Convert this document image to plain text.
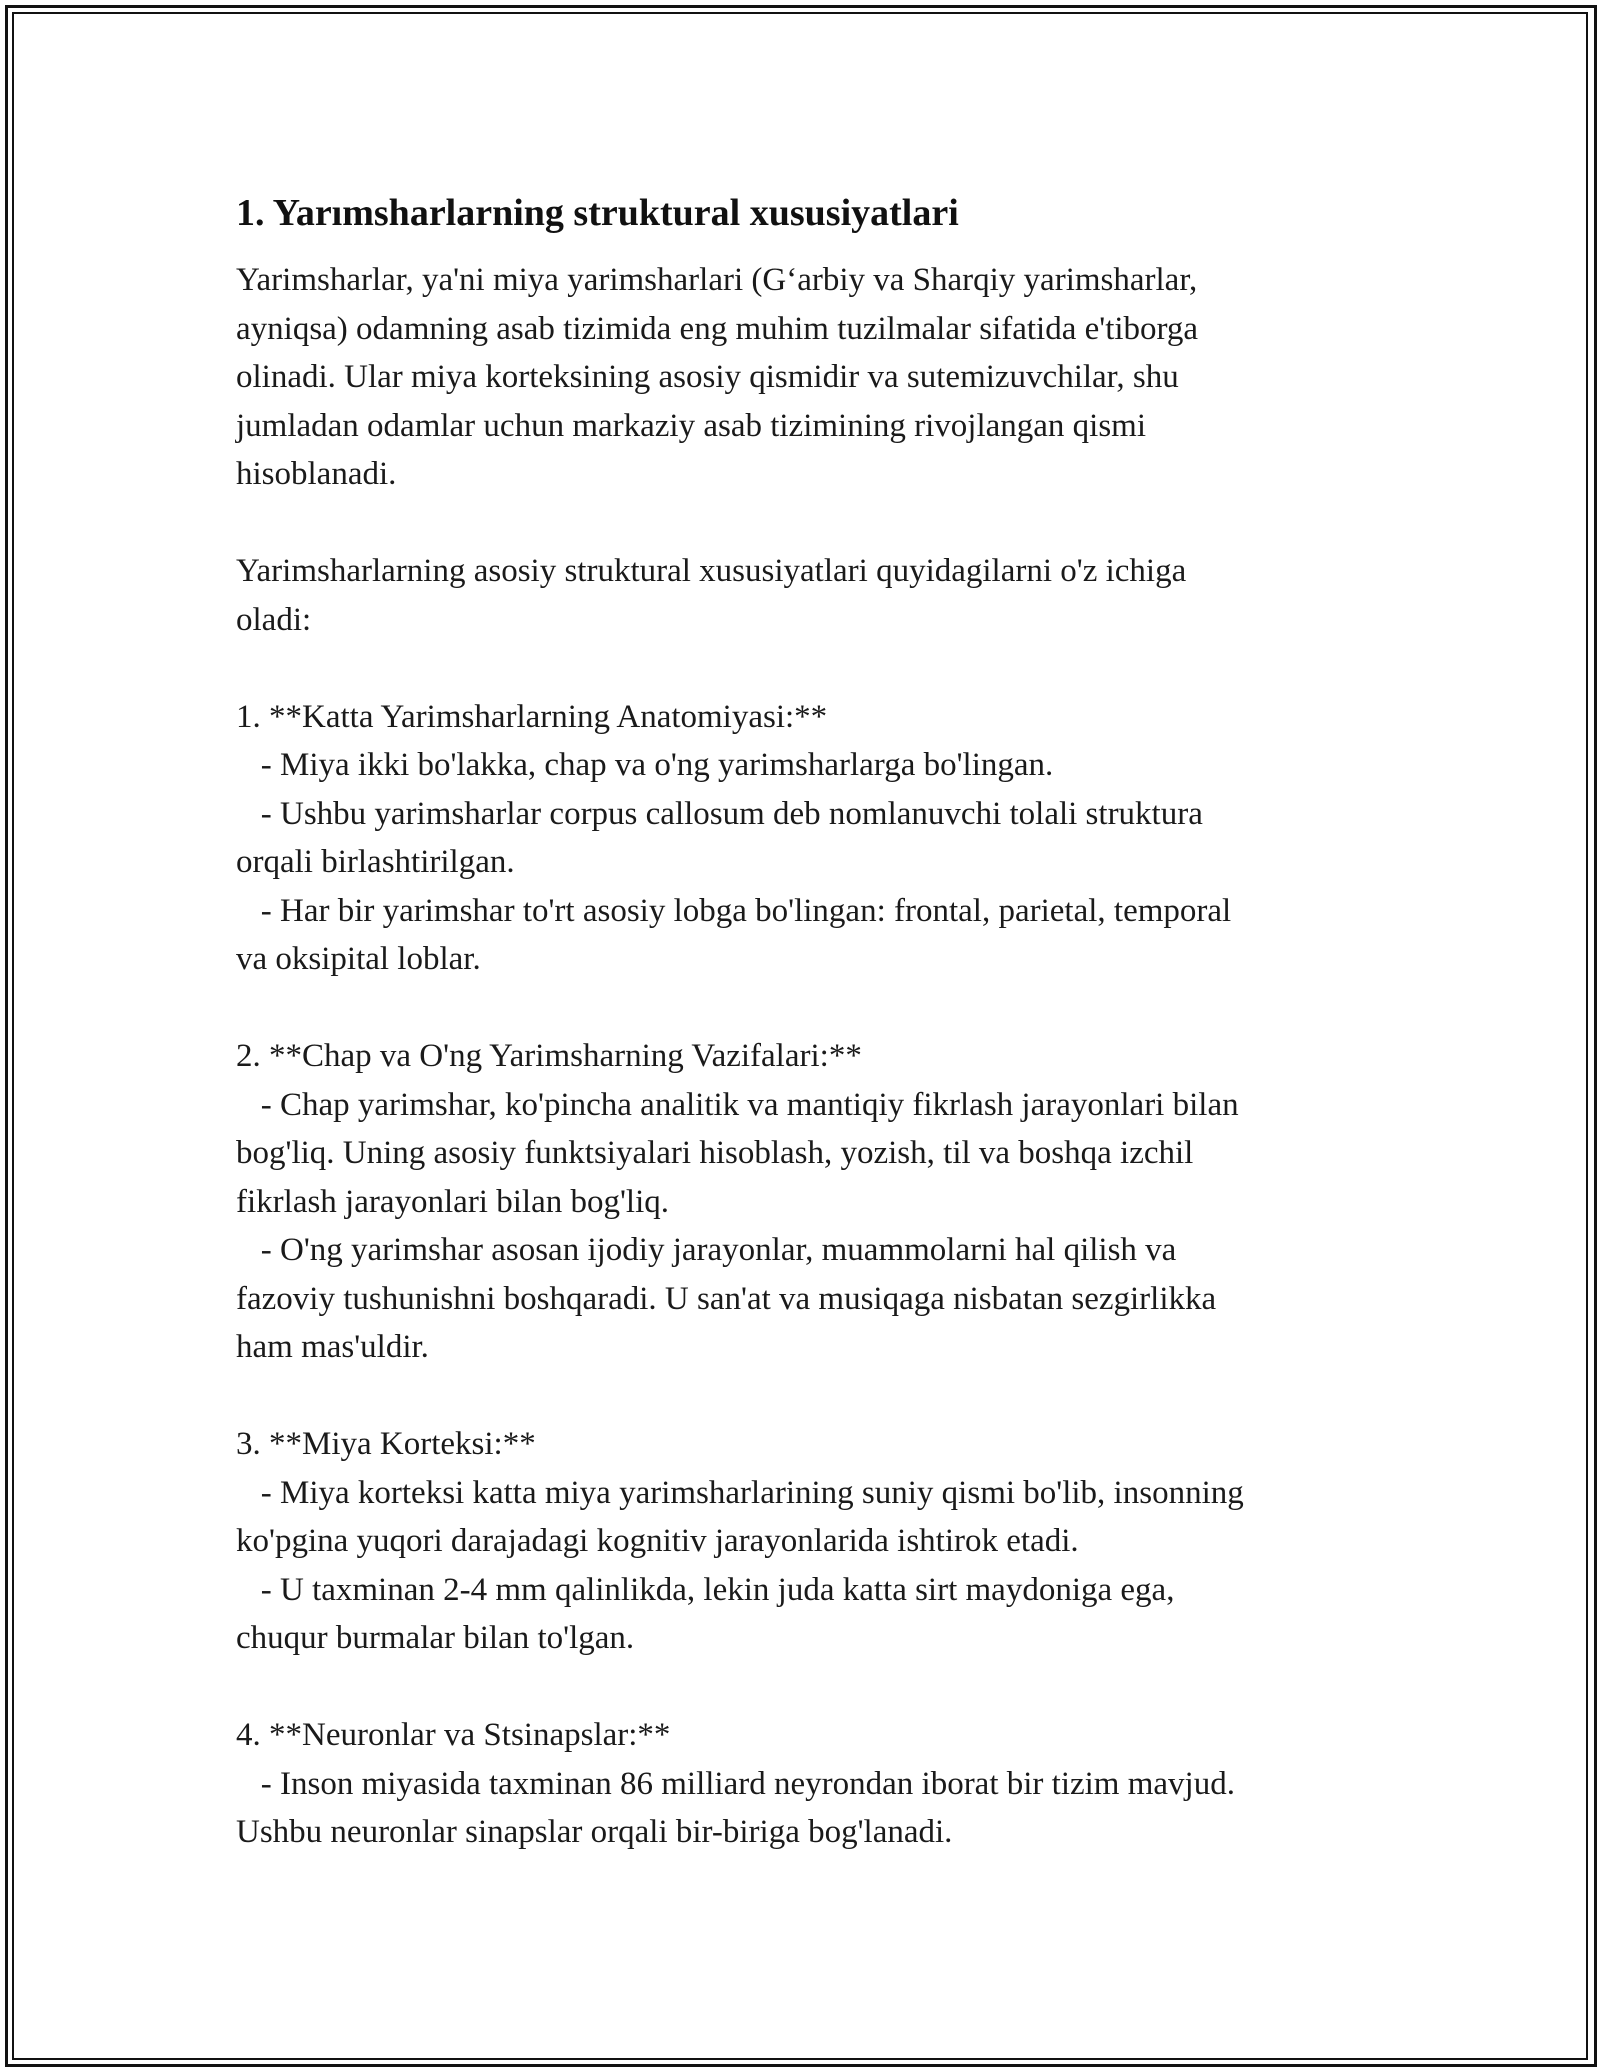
1. Yarımsharlarning struktural xususiyatlari

Yarimsharlar, ya'ni miya yarimsharlari (G‘arbiy va Sharqiy yarimsharlar,
ayniqsa) odamning asab tizimida eng muhim tuzilmalar sifatida e'tiborga
olinadi. Ular miya korteksining asosiy qismidir va sutemizuvchilar, shu
jumladan odamlar uchun markaziy asab tizimining rivojlangan qismi
hisoblanadi.

Yarimsharlarning asosiy struktural xususiyatlari quyidagilarni o'z ichiga
oladi:

1. **Katta Yarimsharlarning Anatomiyasi:**
- Miya ikki bo'lakka, chap va o'ng yarimsharlarga bo'lingan.
- Ushbu yarimsharlar corpus callosum deb nomlanuvchi tolali struktura
orqali birlashtirilgan.
- Har bir yarimshar to'rt asosiy lobga bo'lingan: frontal, parietal, temporal
va oksipital loblar.

2. **Chap va O'ng Yarimsharning Vazifalari:**
- Chap yarimshar, ko'pincha analitik va mantiqiy fikrlash jarayonlari bilan
bog'liq. Uning asosiy funktsiyalari hisoblash, yozish, til va boshqa izchil
fikrlash jarayonlari bilan bog'liq.
- O'ng yarimshar asosan ijodiy jarayonlar, muammolarni hal qilish va
fazoviy tushunishni boshqaradi. U san'at va musiqaga nisbatan sezgirlikka
ham mas'uldir.

3. **Miya Korteksi:**
- Miya korteksi katta miya yarimsharlarining suniy qismi bo'lib, insonning
ko'pgina yuqori darajadagi kognitiv jarayonlarida ishtirok etadi.
- U taxminan 2-4 mm qalinlikda, lekin juda katta sirt maydoniga ega,
chuqur burmalar bilan to'lgan.

4. **Neuronlar va Stsinapslar:**
- Inson miyasida taxminan 86 milliard neyrondan iborat bir tizim mavjud.
Ushbu neuronlar sinapslar orqali bir-biriga bog'lanadi.
